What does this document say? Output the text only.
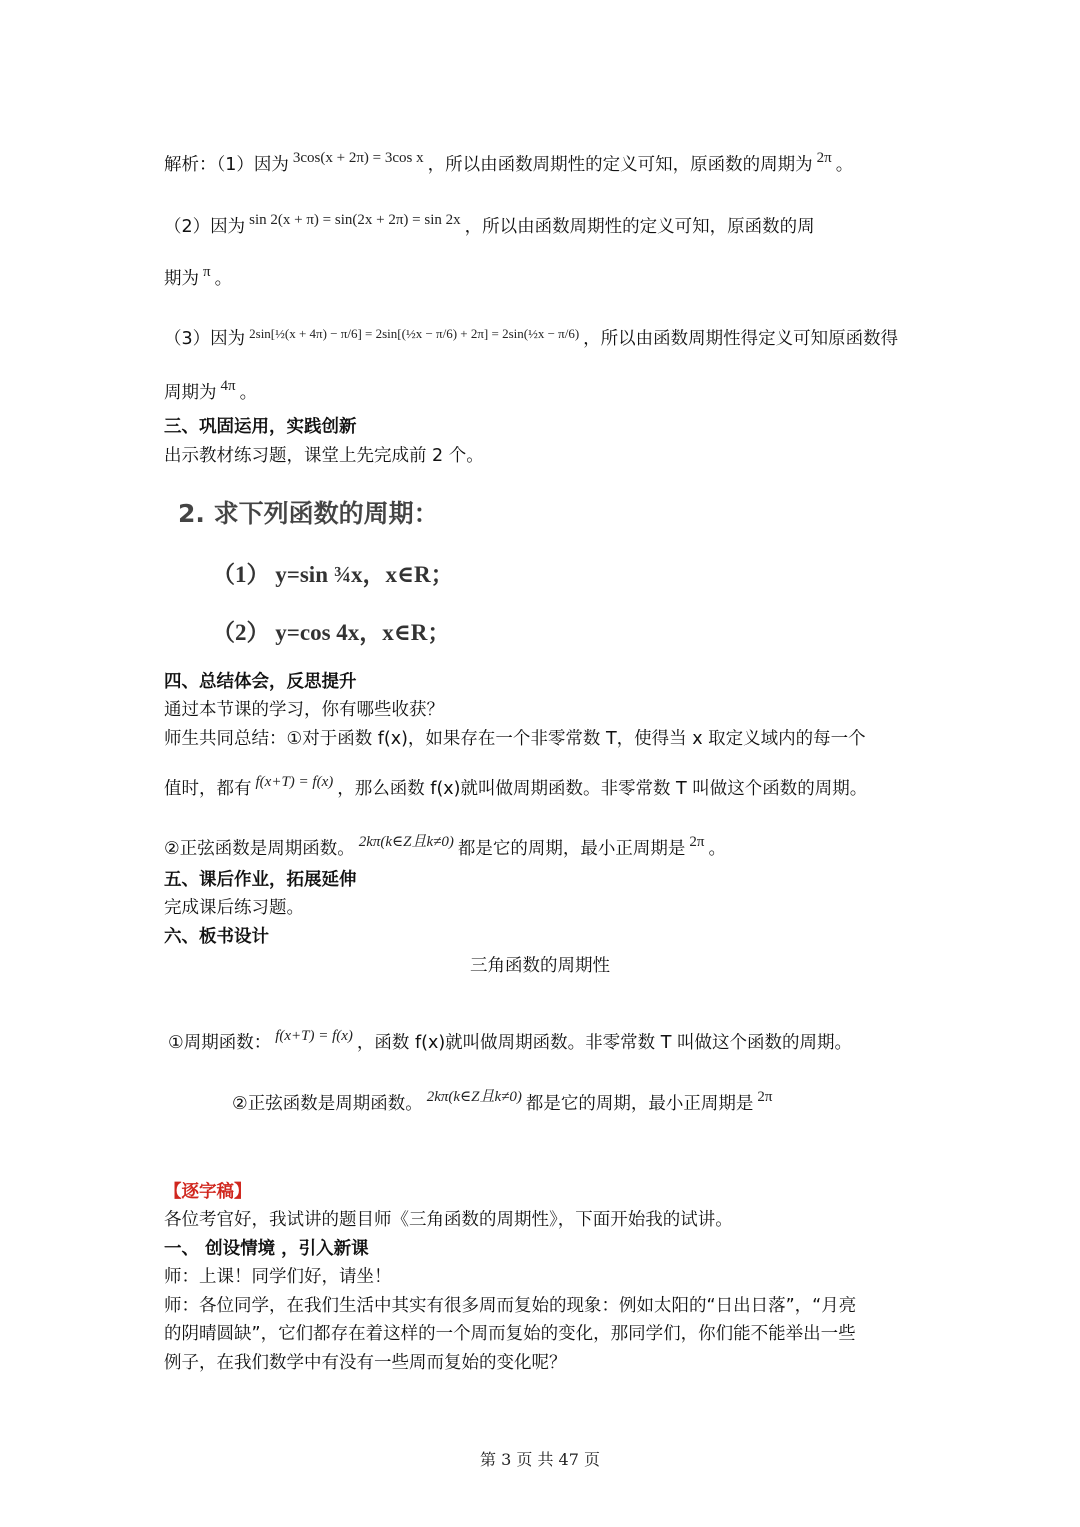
解析：（1）因为 3cos(x + 2π) = 3cos x ，所以由函数周期性的定义可知，原函数的周期为 2π 。
（2）因为 sin 2(x + π) = sin(2x + 2π) = sin 2x ，所以由函数周期性的定义可知，原函数的周
期为 π 。
（3）因为 $^{2sin[\frac{1}{2}(x + 4\pi) - \pi/6] = 2sin[(\frac{1}{2}x - \pi/6) + 2\pi] = 2sin(\frac{1}{2}x - \pi/6)}$ ，所以由函数周期性得定义可知原函数得
周期为 4π 。
三、巩固运用，实践创新
出示教材练习题，课堂上先完成前 2 个。
2. 求下列函数的周期：
（1） y=sin ¾x，x∈R；
（2） y=cos 4x，x∈R；
四、总结体会，反思提升
通过本节课的学习，你有哪些收获？
师生共同总结：①对于函数 f(x)，如果存在一个非零常数 T，使得当 x 取定义域内的每一个
值时，都有 f(x+T) = f(x) ，那么函数 f(x)就叫做周期函数。非零常数 T 叫做这个函数的周期。
②正弦函数是周期函数。 2kπ(k∈Z且k≠0) 都是它的周期，最小正周期是 2π 。
五、课后作业，拓展延伸
完成课后练习题。
六、板书设计
三角函数的周期性
①周期函数： f(x+T) = f(x) ，函数 f(x)就叫做周期函数。非零常数 T 叫做这个函数的周期。
②正弦函数是周期函数。 2kπ(k∈Z且k≠0) 都是它的周期，最小正周期是 2π
【逐字稿】
各位考官好，我试讲的题目师《三角函数的周期性》，下面开始我的试讲。
一、 创设情境 ，引入新课
师：上课！同学们好，请坐！
师：各位同学，在我们生活中其实有很多周而复始的现象：例如太阳的“日出日落”，“月亮
的阴晴圆缺”，它们都存在着这样的一个周而复始的变化，那同学们，你们能不能举出一些
例子，在我们数学中有没有一些周而复始的变化呢？
第 3 页 共 47 页
